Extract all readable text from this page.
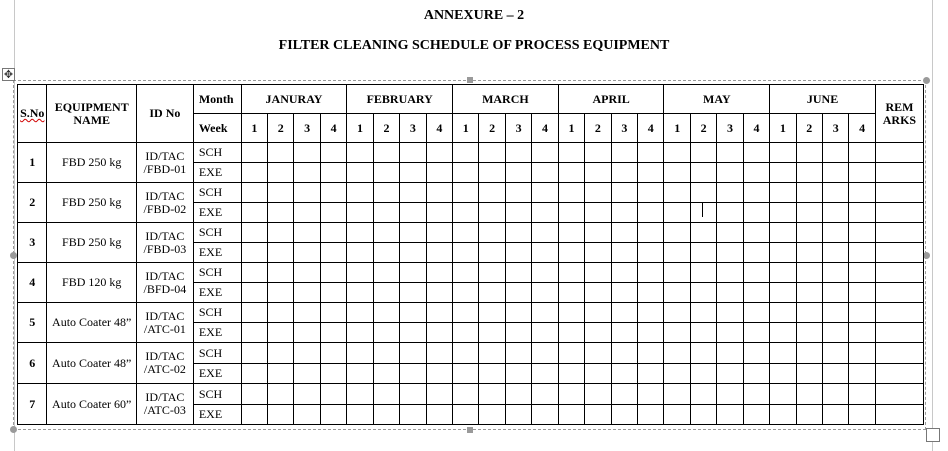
ANNEXURE – 2
FILTER CLEANING SCHEDULE OF PROCESS EQUIPMENT
✥
S.No	EQUIPMENT NAME	ID No	Month	JANURAY				FEBRUARY				MARCH				APRIL				MAY				JUNE				REM ARKS
			Week	1	2	3	4	1	2	3	4	1	2	3	4	1	2	3	4	1	2	3	4	1	2	3	4	
1	FBD 250 kg	ID/TAC /FBD-01	SCH																									
			EXE																									
2	FBD 250 kg	ID/TAC /FBD-02	SCH																									
			EXE																									
3	FBD 250 kg	ID/TAC /FBD-03	SCH																									
			EXE																									
4	FBD 120 kg	ID/TAC /BFD-04	SCH																									
			EXE																									
5	Auto Coater 48”	ID/TAC /ATC-01	SCH																									
			EXE																									
6	Auto Coater 48”	ID/TAC /ATC-02	SCH																									
			EXE																									
7	Auto Coater 60”	ID/TAC /ATC-03	SCH																									
			EXE																									
